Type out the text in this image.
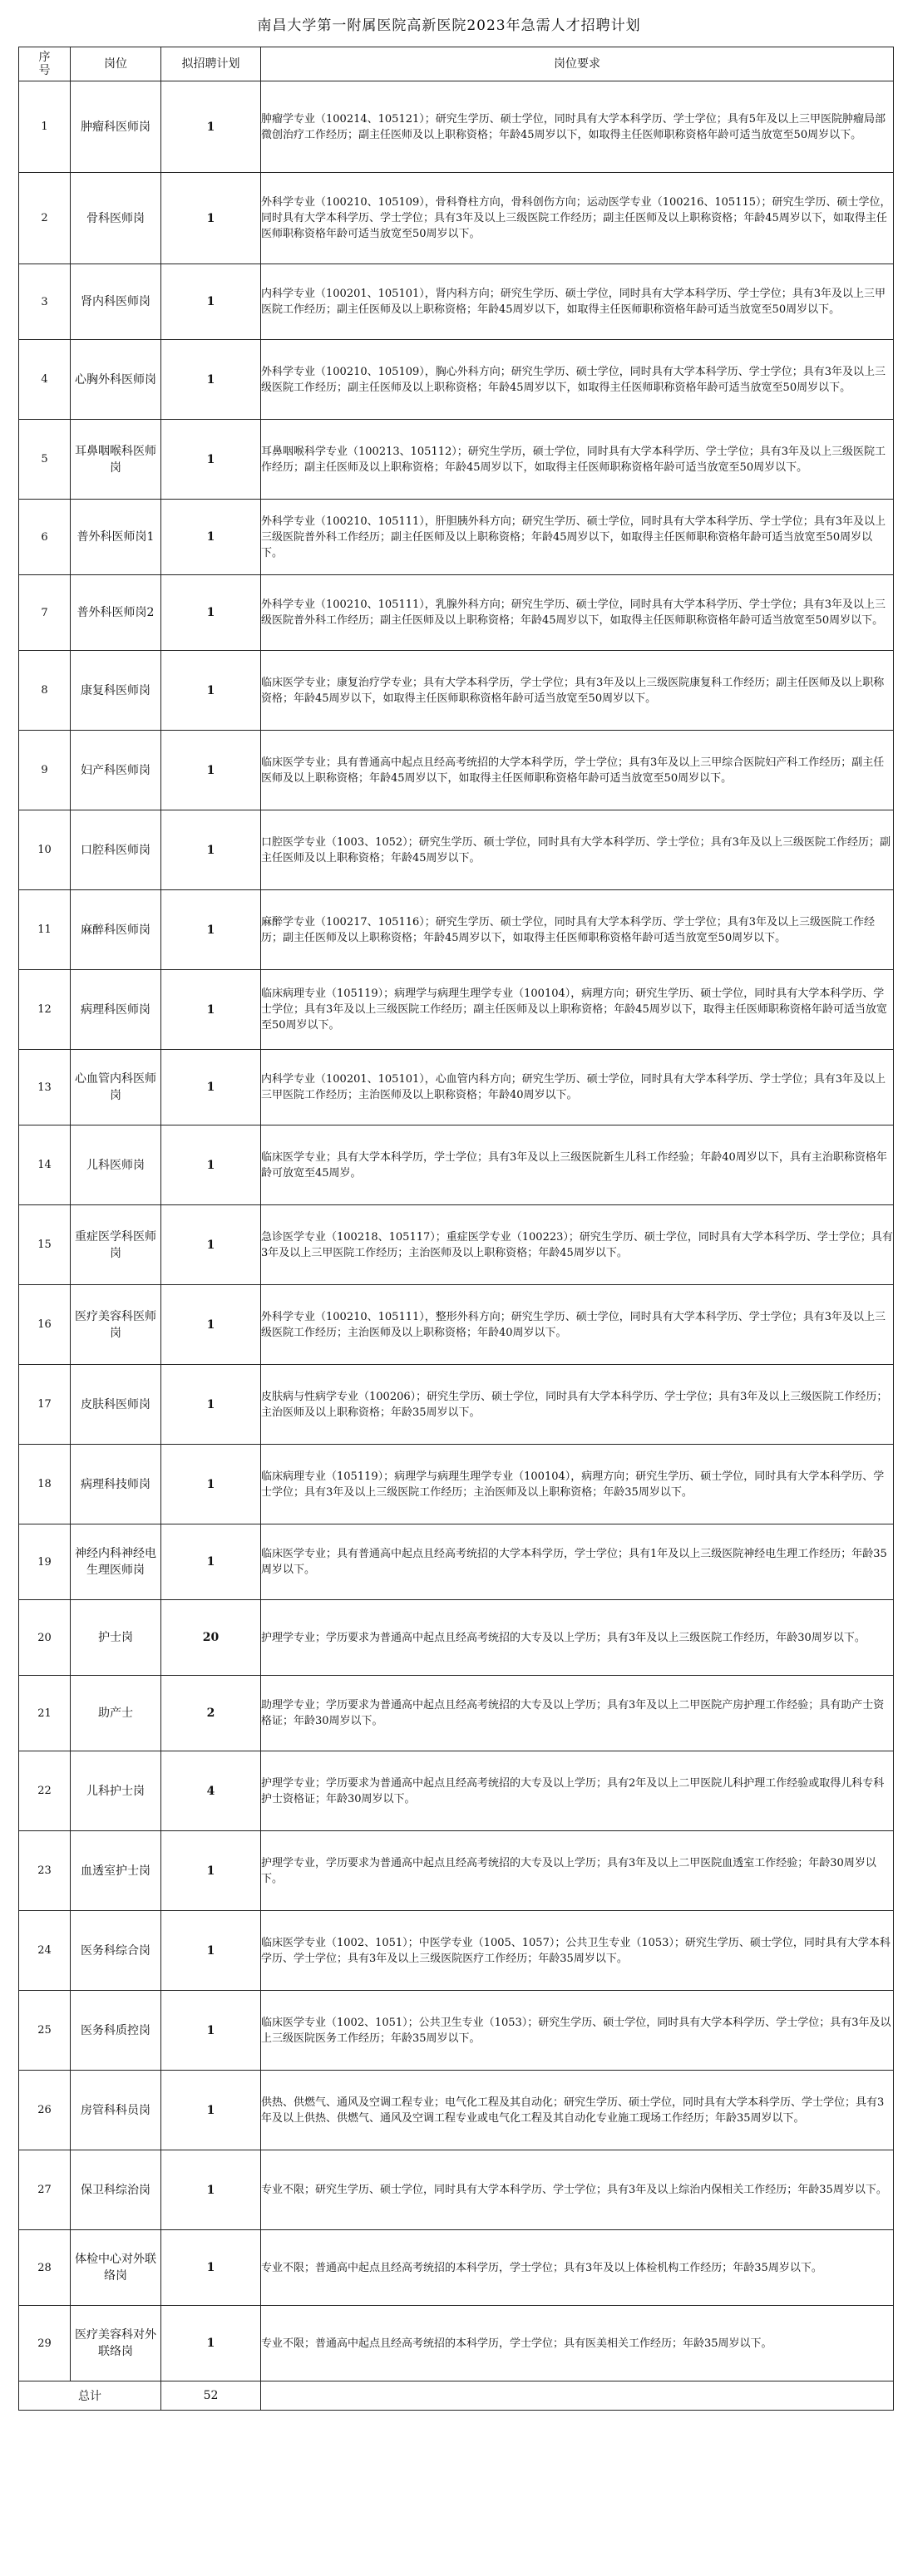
南昌大学第一附属医院高新医院2023年急需人才招聘计划
序号	岗位	拟招聘计划	岗位要求
1	肿瘤科医师岗	1	肿瘤学专业（100214、105121）；研究生学历、硕士学位，同时具有大学本科学历、学士学位；具有5年及以上三甲医院肿瘤局部微创治疗工作经历；副主任医师及以上职称资格；年龄45周岁以下，如取得主任医师职称资格年龄可适当放宽至50周岁以下。
2	骨科医师岗	1	外科学专业（100210、105109），骨科脊柱方向，骨科创伤方向；运动医学专业（100216、105115）；研究生学历、硕士学位，同时具有大学本科学历、学士学位；具有3年及以上三级医院工作经历；副主任医师及以上职称资格；年龄45周岁以下，如取得主任医师职称资格年龄可适当放宽至50周岁以下。
3	肾内科医师岗	1	内科学专业（100201、105101），肾内科方向；研究生学历、硕士学位，同时具有大学本科学历、学士学位；具有3年及以上三甲医院工作经历；副主任医师及以上职称资格；年龄45周岁以下，如取得主任医师职称资格年龄可适当放宽至50周岁以下。
4	心胸外科医师岗	1	外科学专业（100210、105109），胸心外科方向；研究生学历、硕士学位，同时具有大学本科学历、学士学位；具有3年及以上三级医院工作经历；副主任医师及以上职称资格；年龄45周岁以下，如取得主任医师职称资格年龄可适当放宽至50周岁以下。
5	耳鼻咽喉科医师岗	1	耳鼻咽喉科学专业（100213、105112）；研究生学历，硕士学位，同时具有大学本科学历、学士学位；具有3年及以上三级医院工作经历；副主任医师及以上职称资格；年龄45周岁以下，如取得主任医师职称资格年龄可适当放宽至50周岁以下。
6	普外科医师岗1	1	外科学专业（100210、105111），肝胆胰外科方向；研究生学历、硕士学位，同时具有大学本科学历、学士学位；具有3年及以上三级医院普外科工作经历；副主任医师及以上职称资格；年龄45周岁以下，如取得主任医师职称资格年龄可适当放宽至50周岁以下。
7	普外科医师岗2	1	外科学专业（100210、105111），乳腺外科方向；研究生学历、硕士学位，同时具有大学本科学历、学士学位；具有3年及以上三级医院普外科工作经历；副主任医师及以上职称资格；年龄45周岁以下，如取得主任医师职称资格年龄可适当放宽至50周岁以下。
8	康复科医师岗	1	临床医学专业；康复治疗学专业；具有大学本科学历，学士学位；具有3年及以上三级医院康复科工作经历；副主任医师及以上职称资格；年龄45周岁以下，如取得主任医师职称资格年龄可适当放宽至50周岁以下。
9	妇产科医师岗	1	临床医学专业；具有普通高中起点且经高考统招的大学本科学历，学士学位；具有3年及以上三甲综合医院妇产科工作经历；副主任医师及以上职称资格；年龄45周岁以下，如取得主任医师职称资格年龄可适当放宽至50周岁以下。
10	口腔科医师岗	1	口腔医学专业（1003、1052）；研究生学历、硕士学位，同时具有大学本科学历、学士学位；具有3年及以上三级医院工作经历；副主任医师及以上职称资格；年龄45周岁以下。
11	麻醉科医师岗	1	麻醉学专业（100217、105116）；研究生学历、硕士学位，同时具有大学本科学历、学士学位；具有3年及以上三级医院工作经历；副主任医师及以上职称资格；年龄45周岁以下，如取得主任医师职称资格年龄可适当放宽至50周岁以下。
12	病理科医师岗	1	临床病理专业（105119）；病理学与病理生理学专业（100104），病理方向；研究生学历、硕士学位，同时具有大学本科学历、学士学位；具有3年及以上三级医院工作经历；副主任医师及以上职称资格；年龄45周岁以下，取得主任医师职称资格年龄可适当放宽至50周岁以下。
13	心血管内科医师岗	1	内科学专业（100201、105101），心血管内科方向；研究生学历、硕士学位，同时具有大学本科学历、学士学位；具有3年及以上三甲医院工作经历；主治医师及以上职称资格；年龄40周岁以下。
14	儿科医师岗	1	临床医学专业；具有大学本科学历，学士学位；具有3年及以上三级医院新生儿科工作经验；年龄40周岁以下，具有主治职称资格年龄可放宽至45周岁。
15	重症医学科医师岗	1	急诊医学专业（100218、105117）；重症医学专业（100223）；研究生学历、硕士学位，同时具有大学本科学历、学士学位；具有3年及以上三甲医院工作经历；主治医师及以上职称资格；年龄45周岁以下。
16	医疗美容科医师岗	1	外科学专业（100210、105111），整形外科方向；研究生学历、硕士学位，同时具有大学本科学历、学士学位；具有3年及以上三级医院工作经历；主治医师及以上职称资格；年龄40周岁以下。
17	皮肤科医师岗	1	皮肤病与性病学专业（100206）；研究生学历、硕士学位，同时具有大学本科学历、学士学位；具有3年及以上三级医院工作经历；主治医师及以上职称资格；年龄35周岁以下。
18	病理科技师岗	1	临床病理专业（105119）；病理学与病理生理学专业（100104），病理方向；研究生学历、硕士学位，同时具有大学本科学历、学士学位；具有3年及以上三级医院工作经历；主治医师及以上职称资格；年龄35周岁以下。
19	神经内科神经电生理医师岗	1	临床医学专业；具有普通高中起点且经高考统招的大学本科学历，学士学位；具有1年及以上三级医院神经电生理工作经历；年龄35周岁以下。
20	护士岗	20	护理学专业；学历要求为普通高中起点且经高考统招的大专及以上学历；具有3年及以上三级医院工作经历，年龄30周岁以下。
21	助产士	2	助理学专业；学历要求为普通高中起点且经高考统招的大专及以上学历；具有3年及以上二甲医院产房护理工作经验；具有助产士资格证；年龄30周岁以下。
22	儿科护士岗	4	护理学专业；学历要求为普通高中起点且经高考统招的大专及以上学历；具有2年及以上二甲医院儿科护理工作经验或取得儿科专科护士资格证；年龄30周岁以下。
23	血透室护士岗	1	护理学专业，学历要求为普通高中起点且经高考统招的大专及以上学历；具有3年及以上二甲医院血透室工作经验；年龄30周岁以下。
24	医务科综合岗	1	临床医学专业（1002、1051）；中医学专业（1005、1057）；公共卫生专业（1053）；研究生学历、硕士学位，同时具有大学本科学历、学士学位；具有3年及以上三级医院医疗工作经历；年龄35周岁以下。
25	医务科质控岗	1	临床医学专业（1002、1051）；公共卫生专业（1053）；研究生学历、硕士学位，同时具有大学本科学历、学士学位；具有3年及以上三级医院医务工作经历；年龄35周岁以下。
26	房管科科员岗	1	供热、供燃气、通风及空调工程专业；电气化工程及其自动化；研究生学历、硕士学位，同时具有大学本科学历、学士学位；具有3年及以上供热、供燃气、通风及空调工程专业或电气化工程及其自动化专业施工现场工作经历；年龄35周岁以下。
27	保卫科综治岗	1	专业不限；研究生学历、硕士学位，同时具有大学本科学历、学士学位；具有3年及以上综治内保相关工作经历；年龄35周岁以下。
28	体检中心对外联络岗	1	专业不限；普通高中起点且经高考统招的本科学历，学士学位；具有3年及以上体检机构工作经历；年龄35周岁以下。
29	医疗美容科对外联络岗	1	专业不限；普通高中起点且经高考统招的本科学历，学士学位；具有医美相关工作经历；年龄35周岁以下。
总计		52	
